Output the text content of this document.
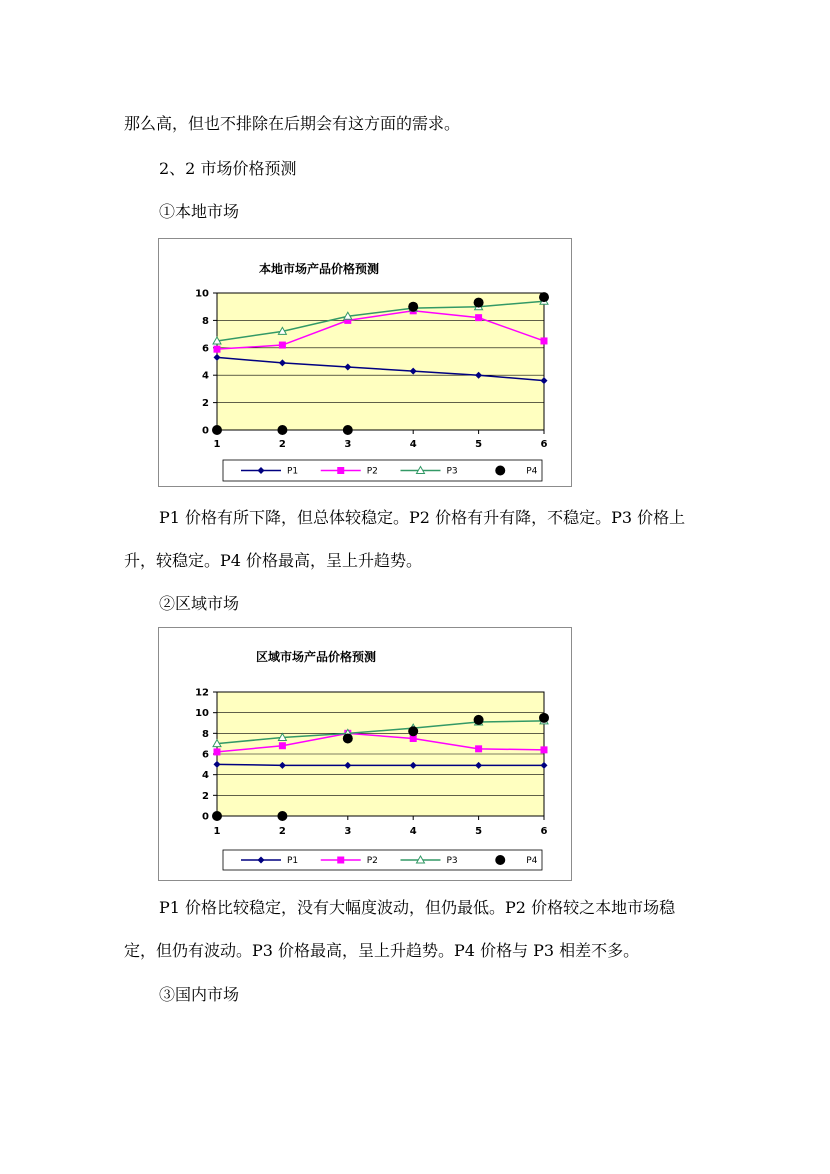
那么高，但也不排除在后期会有这方面的需求。
2、2 市场价格预测
①本地市场
本地市场产品价格预测
0
2
4
6
8
10
1	2	3	4	5	6
P1	P2	P3	P4
P1 价格有所下降，但总体较稳定。P2 价格有升有降，不稳定。P3 价格上
升，较稳定。P4 价格最高，呈上升趋势。
②区域市场
区域市场产品价格预测
0
2
4
6
8
10
12
1	2	3	4	5	6
P1	P2	P3	P4
P1 价格比较稳定，没有大幅度波动，但仍最低。P2 价格较之本地市场稳
定，但仍有波动。P3 价格最高，呈上升趋势。P4 价格与 P3 相差不多。
③国内市场
